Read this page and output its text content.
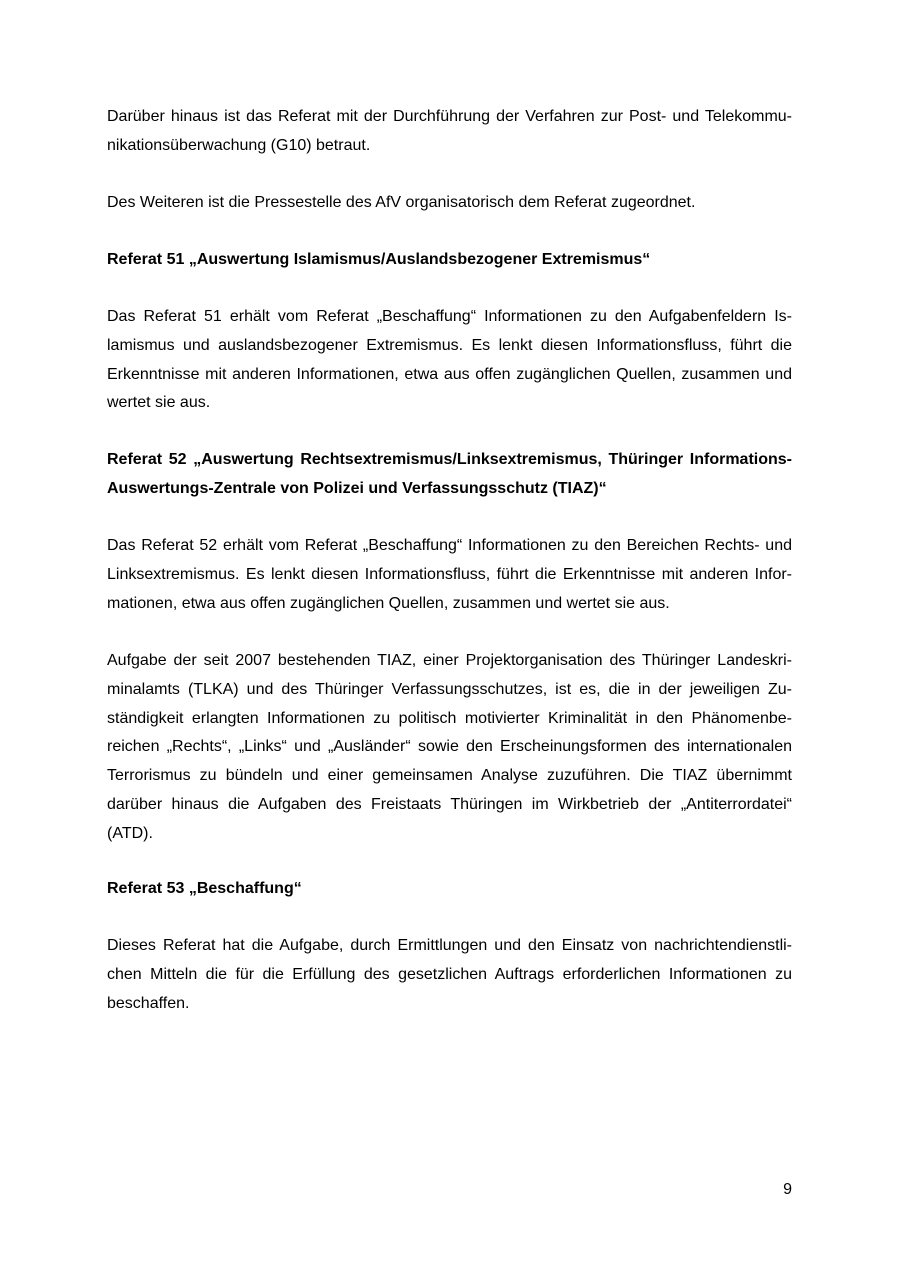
Darüber hinaus ist das Referat mit der Durchführung der Verfahren zur Post- und Telekommunikationsüberwachung (G10) betraut.

Des Weiteren ist die Pressestelle des AfV organisatorisch dem Referat zugeordnet.

Referat 51 „Auswertung Islamismus/Auslandsbezogener Extremismus“

Das Referat 51 erhält vom Referat „Beschaffung“ Informationen zu den Aufgabenfeldern Islamismus und auslandsbezogener Extremismus. Es lenkt diesen Informationsfluss, führt die Erkenntnisse mit anderen Informationen, etwa aus offen zugänglichen Quellen, zusammen und wertet sie aus.

Referat 52 „Auswertung Rechtsextremismus/Linksextremismus, Thüringer Informations-Auswertungs-Zentrale von Polizei und Verfassungsschutz (TIAZ)“

Das Referat 52 erhält vom Referat „Beschaffung“ Informationen zu den Bereichen Rechts- und Linksextremismus. Es lenkt diesen Informationsfluss, führt die Erkenntnisse mit anderen Informationen, etwa aus offen zugänglichen Quellen, zusammen und wertet sie aus.

Aufgabe der seit 2007 bestehenden TIAZ, einer Projektorganisation des Thüringer Landeskriminalamts (TLKA) und des Thüringer Verfassungsschutzes, ist es, die in der jeweiligen Zuständigkeit erlangten Informationen zu politisch motivierter Kriminalität in den Phänomenbereichen „Rechts“, „Links“ und „Ausländer“ sowie den Erscheinungsformen des internationalen Terrorismus zu bündeln und einer gemeinsamen Analyse zuzuführen. Die TIAZ übernimmt darüber hinaus die Aufgaben des Freistaats Thüringen im Wirkbetrieb der „Antiterrordatei“ (ATD).

Referat 53 „Beschaffung“

Dieses Referat hat die Aufgabe, durch Ermittlungen und den Einsatz von nachrichtendienstlichen Mitteln die für die Erfüllung des gesetzlichen Auftrags erforderlichen Informationen zu beschaffen.

9
